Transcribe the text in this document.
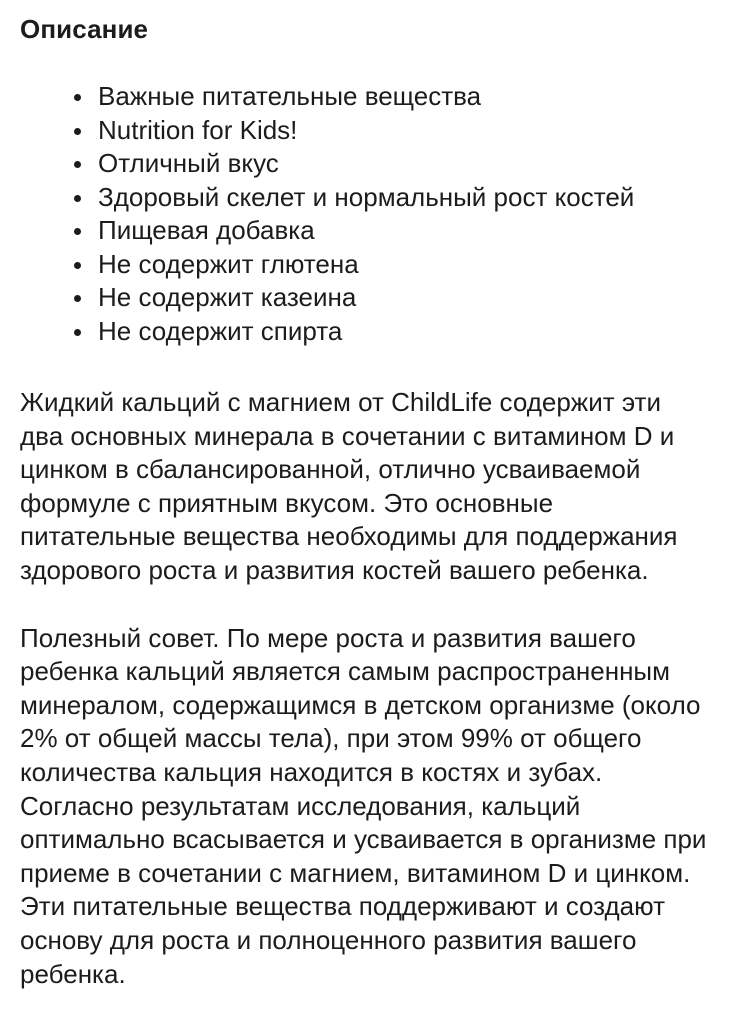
Описание
Важные питательные вещества
Nutrition for Kids!
Отличный вкус
Здоровый скелет и нормальный рост костей
Пищевая добавка
Не содержит глютена
Не содержит казеина
Не содержит спирта

Жидкий кальций с магнием от ChildLife содержит эти два основных минерала в сочетании с витамином D и цинком в сбалансированной, отлично усваиваемой формуле с приятным вкусом. Это основные питательные вещества необходимы для поддержания здорового роста и развития костей вашего ребенка.

Полезный совет. По мере роста и развития вашего ребенка кальций является самым распространенным минералом, содержащимся в детском организме (около 2% от общей массы тела), при этом 99% от общего количества кальция находится в костях и зубах. Согласно результатам исследования, кальций оптимально всасывается и усваивается в организме при приеме в сочетании с магнием, витамином D и цинком. Эти питательные вещества поддерживают и создают основу для роста и полноценного развития вашего ребенка.
